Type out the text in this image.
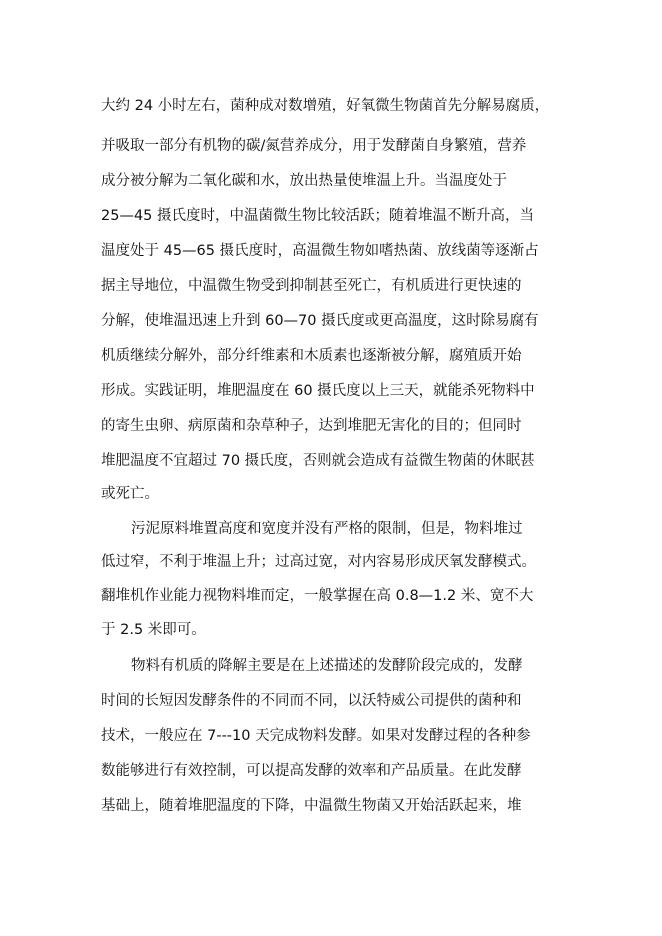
大约 24 小时左右，菌种成对数增殖，好氧微生物菌首先分解易腐质，
并吸取一部分有机物的碳/氮营养成分，用于发酵菌自身繁殖，营养
成分被分解为二氧化碳和水，放出热量使堆温上升。当温度处于
25—45 摄氏度时，中温菌微生物比较活跃；随着堆温不断升高，当
温度处于 45—65 摄氏度时，高温微生物如嗜热菌、放线菌等逐渐占
据主导地位，中温微生物受到抑制甚至死亡，有机质进行更快速的
分解，使堆温迅速上升到 60—70 摄氏度或更高温度，这时除易腐有
机质继续分解外，部分纤维素和木质素也逐渐被分解，腐殖质开始
形成。实践证明，堆肥温度在 60 摄氏度以上三天，就能杀死物料中
的寄生虫卵、病原菌和杂草种子，达到堆肥无害化的目的；但同时
堆肥温度不宜超过 70 摄氏度，否则就会造成有益微生物菌的休眠甚
或死亡。
污泥原料堆置高度和宽度并没有严格的限制，但是，物料堆过
低过窄，不利于堆温上升；过高过宽，对内容易形成厌氧发酵模式。
翻堆机作业能力视物料堆而定，一般掌握在高 0.8—1.2 米、宽不大
于 2.5 米即可。
物料有机质的降解主要是在上述描述的发酵阶段完成的，发酵
时间的长短因发酵条件的不同而不同，以沃特威公司提供的菌种和
技术，一般应在 7---10 天完成物料发酵。如果对发酵过程的各种参
数能够进行有效控制，可以提高发酵的效率和产品质量。在此发酵
基础上，随着堆肥温度的下降，中温微生物菌又开始活跃起来，堆
